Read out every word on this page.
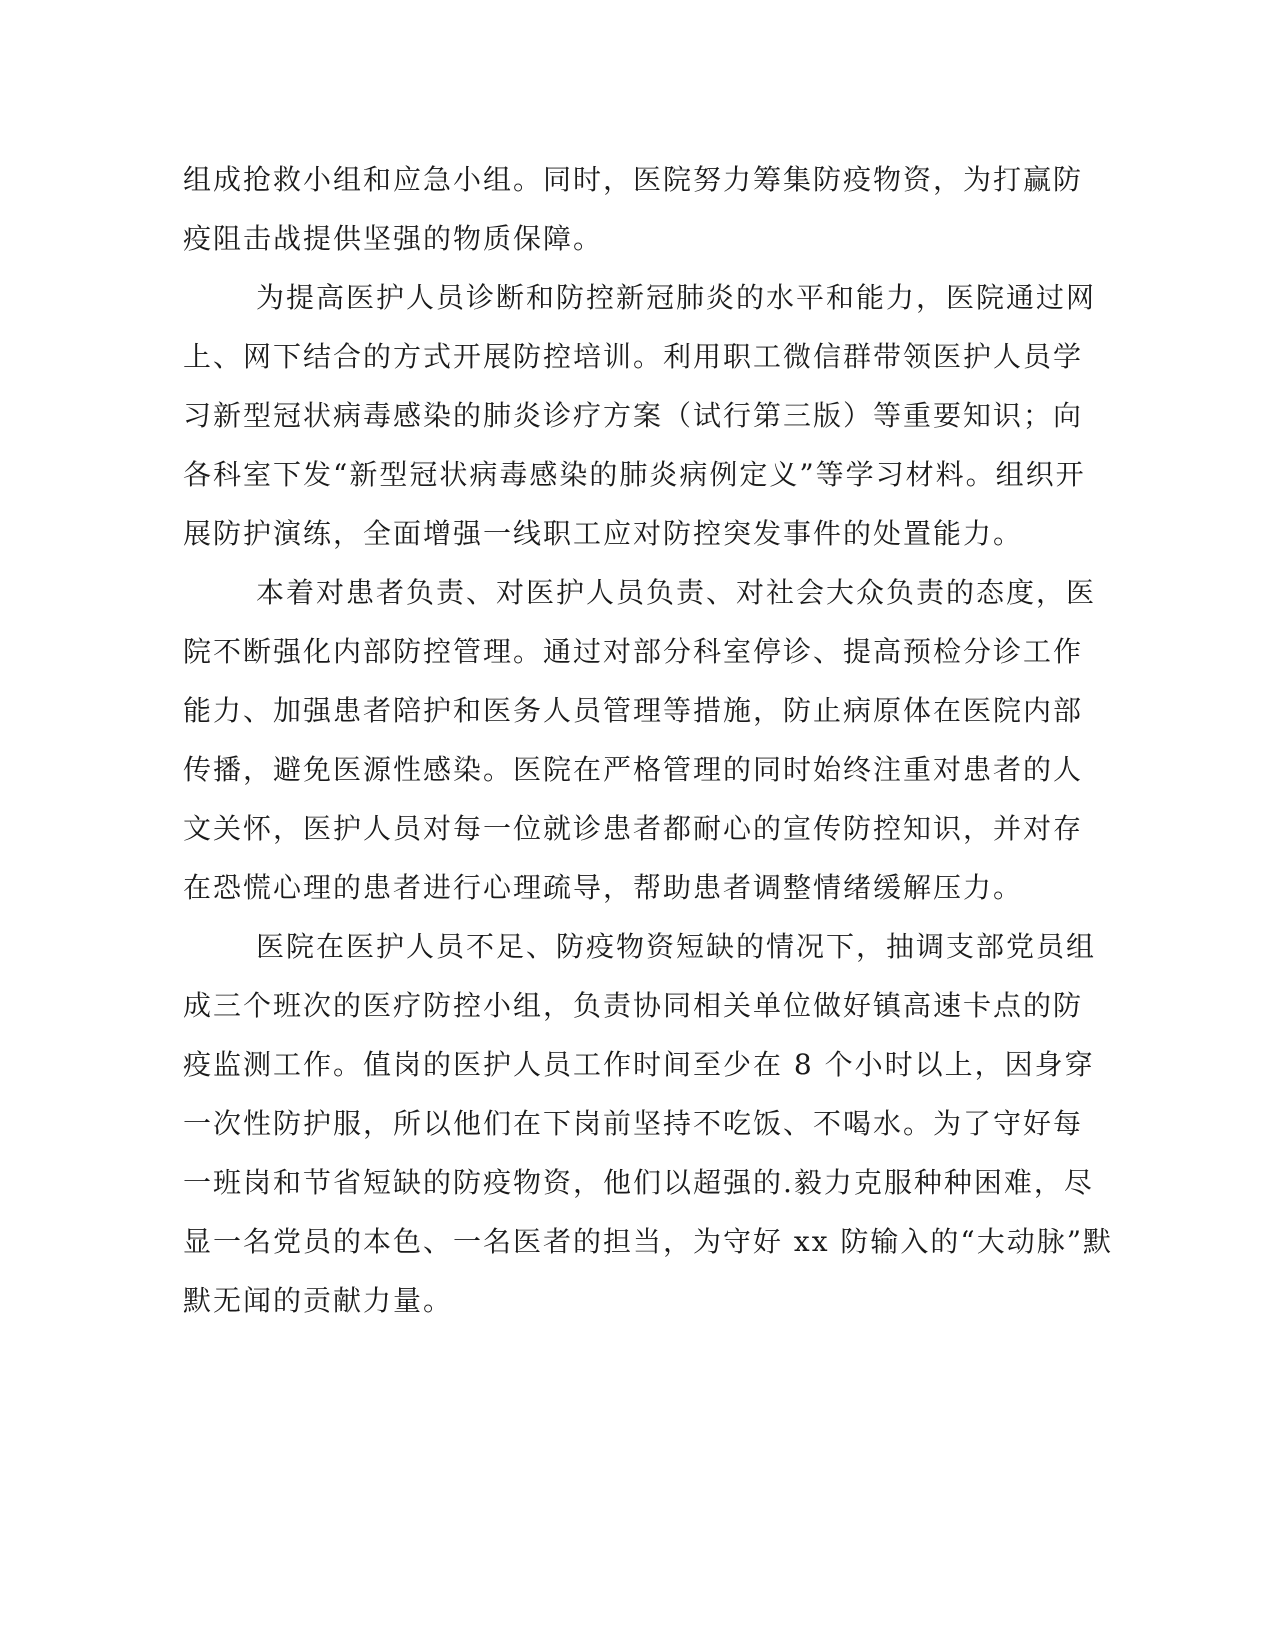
组成抢救小组和应急小组。同时，医院努力筹集防疫物资，为打赢防
疫阻击战提供坚强的物质保障。
为提高医护人员诊断和防控新冠肺炎的水平和能力，医院通过网
上、网下结合的方式开展防控培训。利用职工微信群带领医护人员学
习新型冠状病毒感染的肺炎诊疗方案（试行第三版）等重要知识；向
各科室下发“新型冠状病毒感染的肺炎病例定义”等学习材料。组织开
展防护演练，全面增强一线职工应对防控突发事件的处置能力。
本着对患者负责、对医护人员负责、对社会大众负责的态度，医
院不断强化内部防控管理。通过对部分科室停诊、提高预检分诊工作
能力、加强患者陪护和医务人员管理等措施，防止病原体在医院内部
传播，避免医源性感染。医院在严格管理的同时始终注重对患者的人
文关怀，医护人员对每一位就诊患者都耐心的宣传防控知识，并对存
在恐慌心理的患者进行心理疏导，帮助患者调整情绪缓解压力。
医院在医护人员不足、防疫物资短缺的情况下，抽调支部党员组
成三个班次的医疗防控小组，负责协同相关单位做好镇高速卡点的防
疫监测工作。值岗的医护人员工作时间至少在 8 个小时以上，因身穿
一次性防护服，所以他们在下岗前坚持不吃饭、不喝水。为了守好每
一班岗和节省短缺的防疫物资，他们以超强的.毅力克服种种困难，尽
显一名党员的本色、一名医者的担当，为守好 xx 防输入的“大动脉”默
默无闻的贡献力量。
